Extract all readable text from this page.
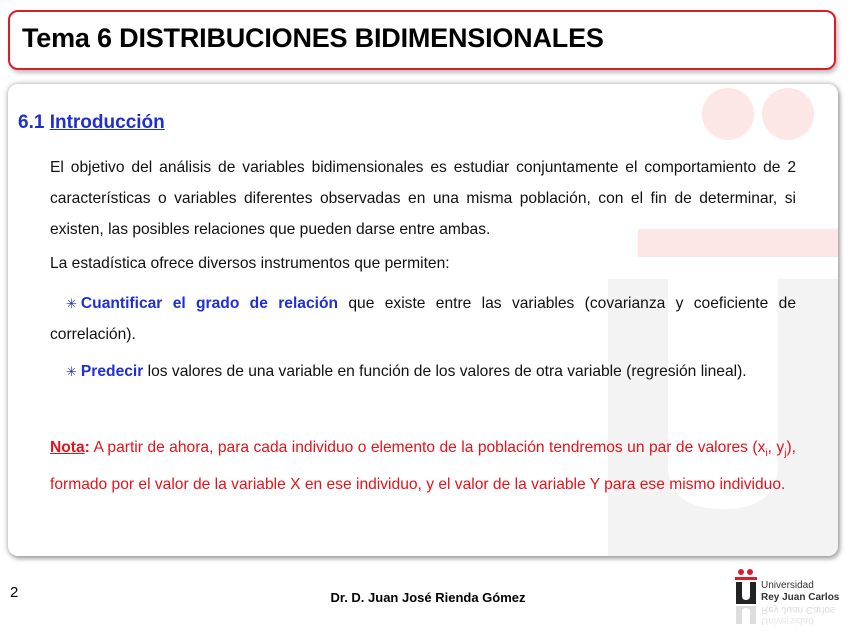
Tema 6 DISTRIBUCIONES BIDIMENSIONALES
6.1 Introducción
El objetivo del análisis de variables bidimensionales es estudiar conjuntamente el comportamiento de 2 características o variables diferentes observadas en una misma población, con el fin de determinar, si existen, las posibles relaciones que pueden darse entre ambas.
La estadística ofrece diversos instrumentos que permiten:
✳ Cuantificar el grado de relación que existe entre las variables (covarianza y coeficiente de correlación).
✳ Predecir los valores de una variable en función de los valores de otra variable (regresión lineal).
Nota: A partir de ahora, para cada individuo o elemento de la población tendremos un par de valores ($x_i$, $y_j$), formado por el valor de la variable X en ese individuo, y el valor de la variable Y para ese mismo individuo.
2	Dr. D. Juan José Rienda Gómez
Universidad
Rey Juan Carlos
Rey Juan Carlos
Universidad
